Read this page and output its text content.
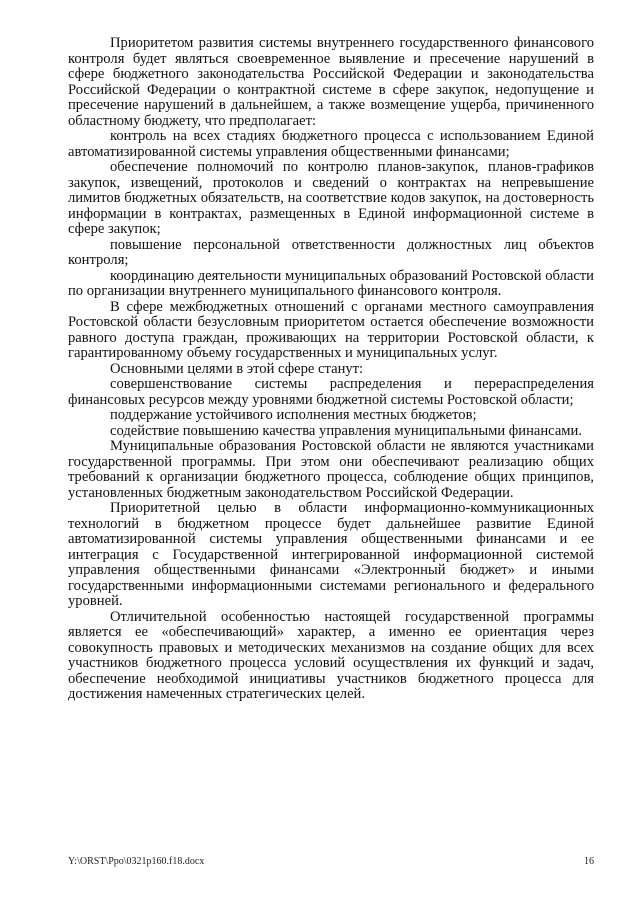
Приоритетом развития системы внутреннего государственного финансового контроля будет являться своевременное выявление и пресечение нарушений в сфере бюджетного законодательства Российской Федерации и законодательства Российской Федерации о контрактной системе в сфере закупок, недопущение и пресечение нарушений в дальнейшем, а также возмещение ущерба, причиненного областному бюджету, что предполагает:

контроль на всех стадиях бюджетного процесса с использованием Единой автоматизированной системы управления общественными финансами;

обеспечение полномочий по контролю планов-закупок, планов-графиков закупок, извещений, протоколов и сведений о контрактах на непревышение лимитов бюджетных обязательств, на соответствие кодов закупок, на достоверность информации в контрактах, размещенных в Единой информационной системе в сфере закупок;

повышение персональной ответственности должностных лиц объектов контроля;

координацию деятельности муниципальных образований Ростовской области по организации внутреннего муниципального финансового контроля.

В сфере межбюджетных отношений с органами местного самоуправления Ростовской области безусловным приоритетом остается обеспечение возможности равного доступа граждан, проживающих на территории Ростовской области, к гарантированному объему государственных и муниципальных услуг.

Основными целями в этой сфере станут:

совершенствование системы распределения и перераспределения финансовых ресурсов между уровнями бюджетной системы Ростовской области;

поддержание устойчивого исполнения местных бюджетов;

содействие повышению качества управления муниципальными финансами.

Муниципальные образования Ростовской области не являются участниками государственной программы. При этом они обеспечивают реализацию общих требований к организации бюджетного процесса, соблюдение общих принципов, установленных бюджетным законодательством Российской Федерации.

Приоритетной целью в области информационно-коммуникационных технологий в бюджетном процессе будет дальнейшее развитие Единой автоматизированной системы управления общественными финансами и ее интеграция с Государственной интегрированной информационной системой управления общественными финансами «Электронный бюджет» и иными государственными информационными системами регионального и федерального уровней.

Отличительной особенностью настоящей государственной программы является ее «обеспечивающий» характер, а именно ее ориентация через совокупность правовых и методических механизмов на создание общих для всех участников бюджетного процесса условий осуществления их функций и задач, обеспечение необходимой инициативы участников бюджетного процесса для достижения намеченных стратегических целей.

Y:\ORST\Ppo\0321p160.f18.docx	16
